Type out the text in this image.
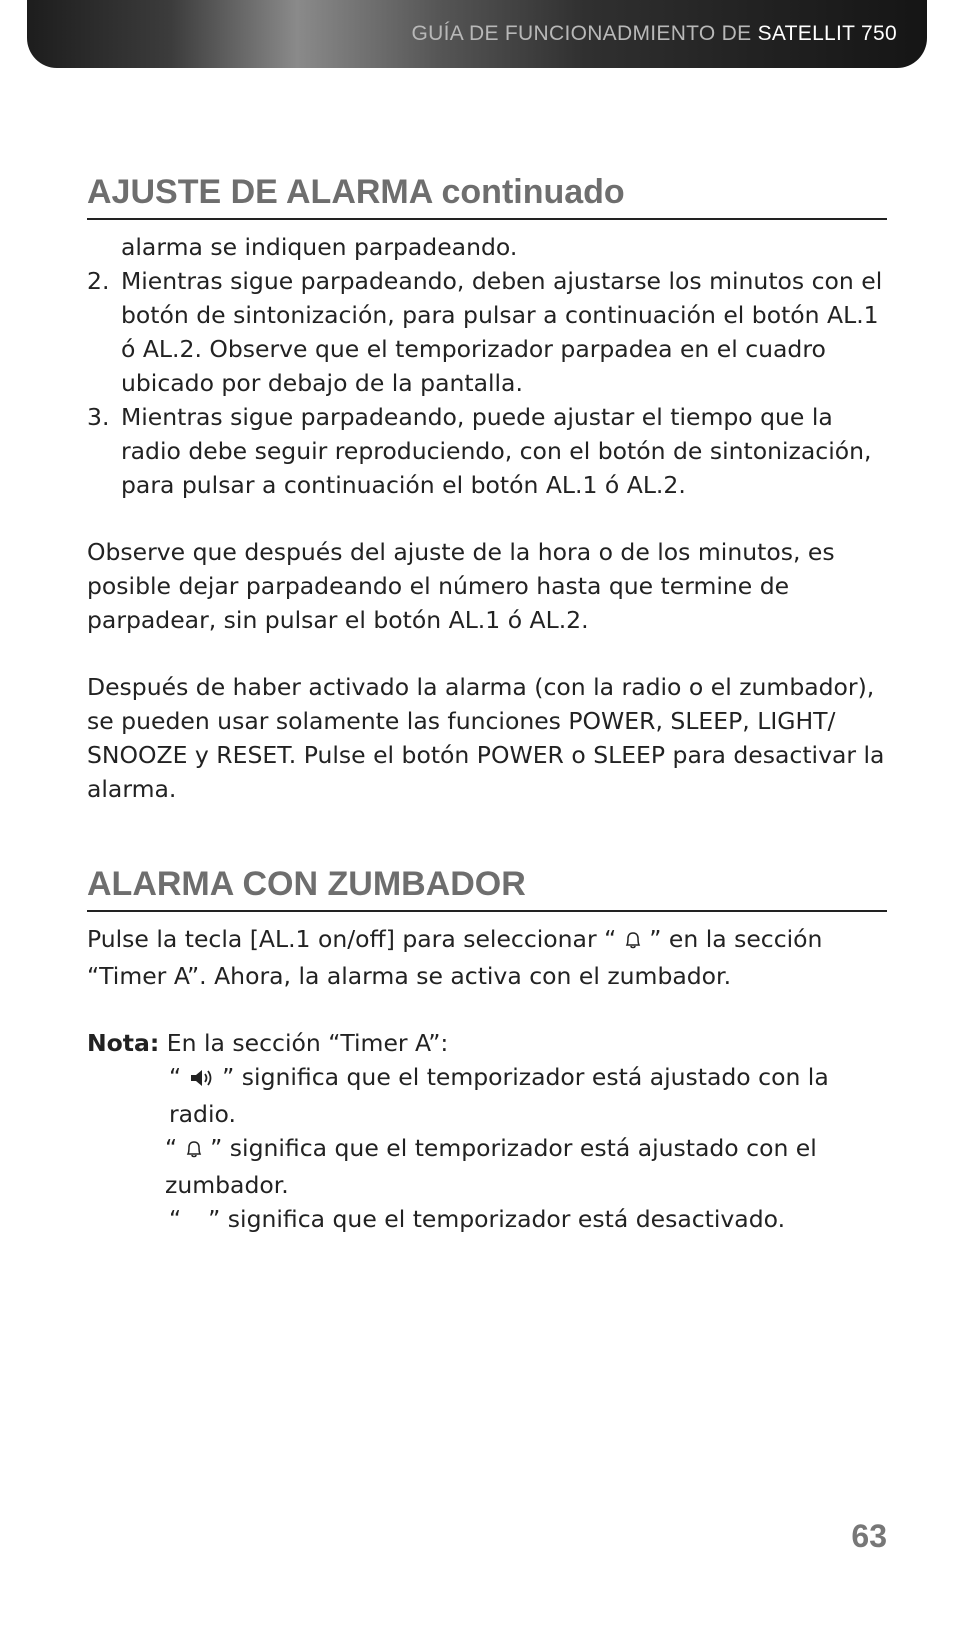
GUÍA DE FUNCIONADMIENTO DE SATELLIT 750
AJUSTE DE ALARMA continuado

alarma se indiquen parpadeando.

2. Mientras sigue parpadeando, deben ajustarse los minutos con el botón de sintonización, para pulsar a continuación el botón AL.1 ó AL.2. Observe que el temporizador parpadea en el cuadro ubicado por debajo de la pantalla.
3. Mientras sigue parpadeando, puede ajustar el tiempo que la radio debe seguir reproduciendo, con el botón de sintonización, para pulsar a continuación el botón AL.1 ó AL.2.

Observe que después del ajuste de la hora o de los minutos, es posible dejar parpadeando el número hasta que termine de parpadear, sin pulsar el botón AL.1 ó AL.2.

Después de haber activado la alarma (con la radio o el zumbador), se pueden usar solamente las funciones POWER, SLEEP, LIGHT/ SNOOZE y RESET. Pulse el botón POWER o SLEEP para desactivar la alarma.

ALARMA CON ZUMBADOR

Pulse la tecla [AL.1 on/off] para seleccionar “ ” en la sección “Timer A”. Ahora, la alarma se activa con el zumbador.

Nota: En la sección “Timer A”:

“ ” significa que el temporizador está ajustado con la radio.

“ ” significa que el temporizador está ajustado con el zumbador.

“ ” significa que el temporizador está desactivado.

63
